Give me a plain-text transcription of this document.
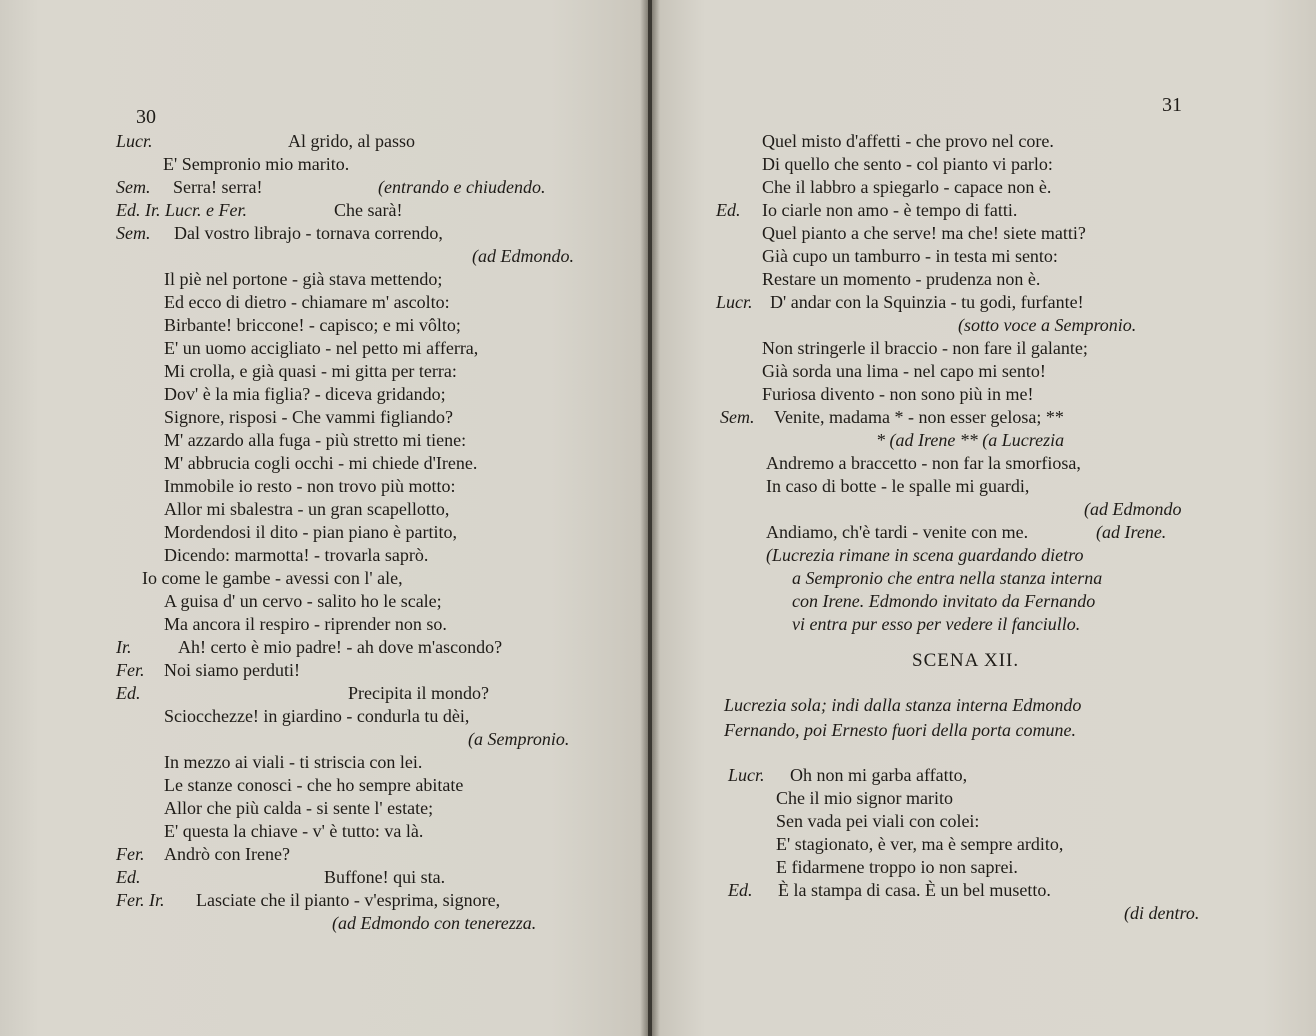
30
31
SCENA XII.
Lucr.	Al grido, al passo
E' Sempronio mio marito.
Sem. Serra! serra!	(entrando e chiudendo.
Ed. Ir. Lucr. e Fer.	Che sarà!
Sem. Dal vostro librajo - tornava correndo,
(ad Edmondo.
Il piè nel portone - già stava mettendo;
Ed ecco di dietro - chiamare m' ascolto:
Birbante! briccone! - capisco; e mi vôlto;
E' un uomo accigliato - nel petto mi afferra,
Mi crolla, e già quasi - mi gitta per terra:
Dov' è la mia figlia? - diceva gridando;
Signore, risposi - Che vammi figliando?
M' azzardo alla fuga - più stretto mi tiene:
M' abbrucia cogli occhi - mi chiede d'Irene.
Immobile io resto - non trovo più motto:
Allor mi sbalestra - un gran scapellotto,
Mordendosi il dito - pian piano è partito,
Dicendo: marmotta! - trovarla saprò.
Io come le gambe - avessi con l' ale,
A guisa d' un cervo - salito ho le scale;
Ma ancora il respiro - riprender non so.
Ir.	Ah! certo è mio padre! - ah dove m'ascondo?
Fer. Noi siamo perduti!
Ed.	Precipita il mondo?
Sciocchezze! in giardino - condurla tu dèi,
(a Sempronio.
In mezzo ai viali - ti striscia con lei.
Le stanze conosci - che ho sempre abitate
Allor che più calda - si sente l' estate;
E' questa la chiave - v' è tutto: va là.
Fer. Andrò con Irene?
Ed.	Buffone! qui sta.
Fer. Ir. Lasciate che il pianto - v'esprima, signore,
(ad Edmondo con tenerezza.
Quel misto d'affetti - che provo nel core.
Di quello che sento - col pianto vi parlo:
Che il labbro a spiegarlo - capace non è.
Ed. Io ciarle non amo - è tempo di fatti.
Quel pianto a che serve! ma che! siete matti?
Già cupo un tamburro - in testa mi sento:
Restare un momento - prudenza non è.
Lucr. D' andar con la Squinzia - tu godi, furfante!
(sotto voce a Sempronio.
Non stringerle il braccio - non fare il galante;
Già sorda una lima - nel capo mi sento!
Furiosa divento - non sono più in me!
Sem. Venite, madama * - non esser gelosa; **
* (ad Irene ** (a Lucrezia
Andremo a braccetto - non far la smorfiosa,
In caso di botte - le spalle mi guardi,
(ad Edmondo
Andiamo, ch'è tardi - venite con me.	(ad Irene.
(Lucrezia rimane in scena guardando dietro
a Sempronio che entra nella stanza interna
con Irene. Edmondo invitato da Fernando
vi entra pur esso per vedere il fanciullo.
Lucrezia sola; indi dalla stanza interna Edmondo
Fernando, poi Ernesto fuori della porta comune.
Lucr. Oh non mi garba affatto,
Che il mio signor marito
Sen vada pei viali con colei:
E' stagionato, è ver, ma è sempre ardito,
E fidarmene troppo io non saprei.
Ed. È la stampa di casa. È un bel musetto.
(di dentro.
